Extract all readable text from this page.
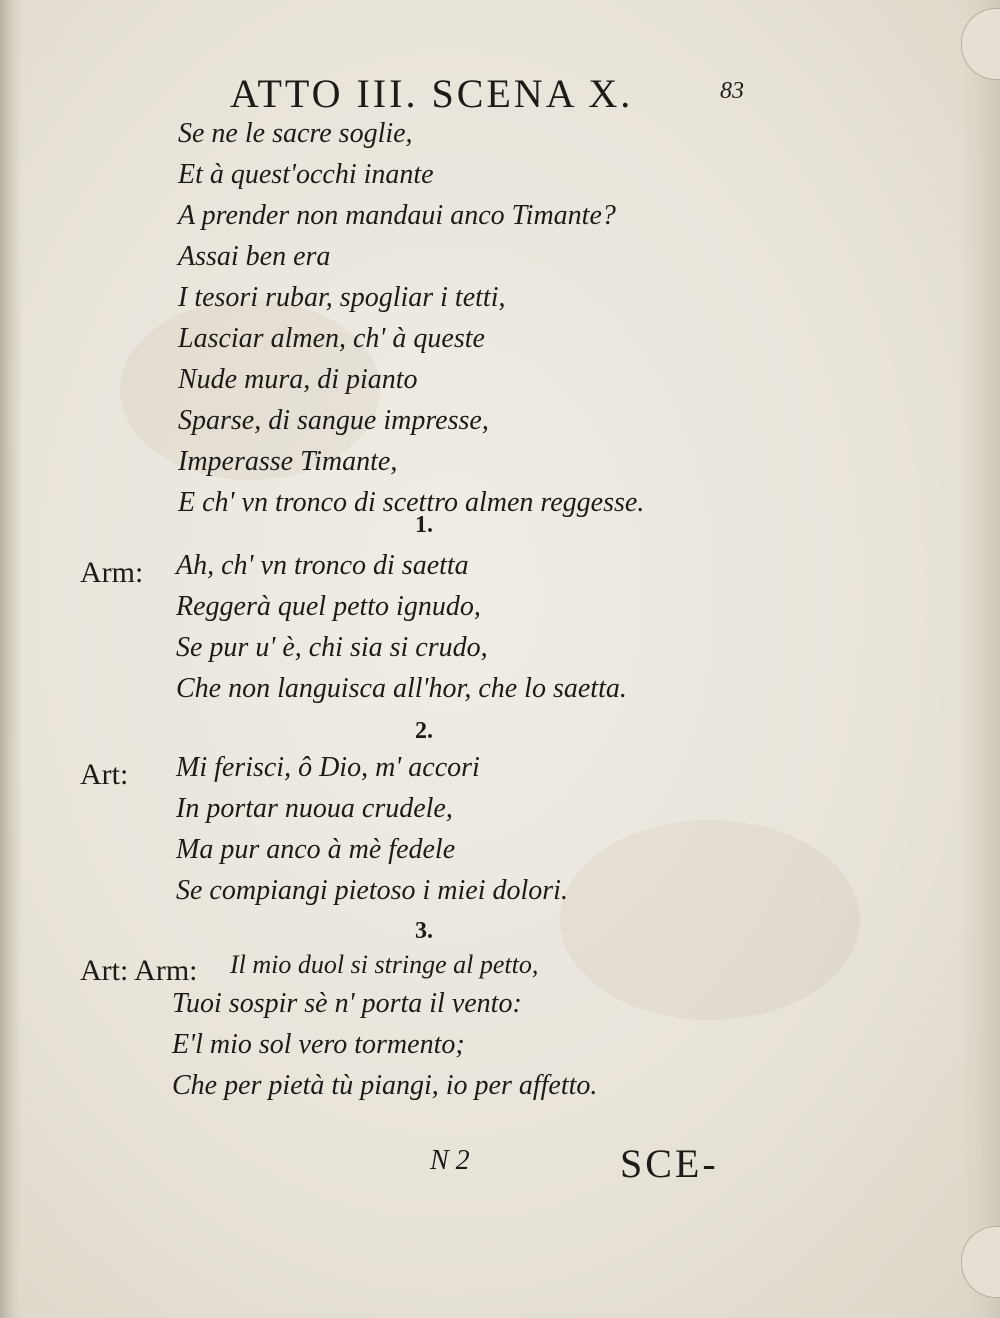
ATTO III. SCENA X.	83
Se ne le sacre soglie,
Et à quest'occhi inante
A prender non mandaui anco Timante?
Assai ben era
I tesori rubar, spogliar i tetti,
Lasciar almen, ch' à queste
Nude mura, di pianto
Sparse, di sangue impresse,
Imperasse Timante,
E ch' vn tronco di scettro almen reggesse.
1.
Arm: Ah, ch' vn tronco di saetta
Reggerà quel petto ignudo,
Se pur u' è, chi sia si crudo,
Che non languisca all'hor, che lo saetta.
2.
Art: Mi ferisci, ô Dio, m' accori
In portar nuoua crudele,
Ma pur anco à mè fedele
Se compiangi pietoso i miei dolori.
3.
Art: Arm: Il mio duol si stringe al petto,
Tuoi sospir sè n' porta il vento:
E'l mio sol vero tormento;
Che per pietà tù piangi, io per affetto.
N 2	SCE-
